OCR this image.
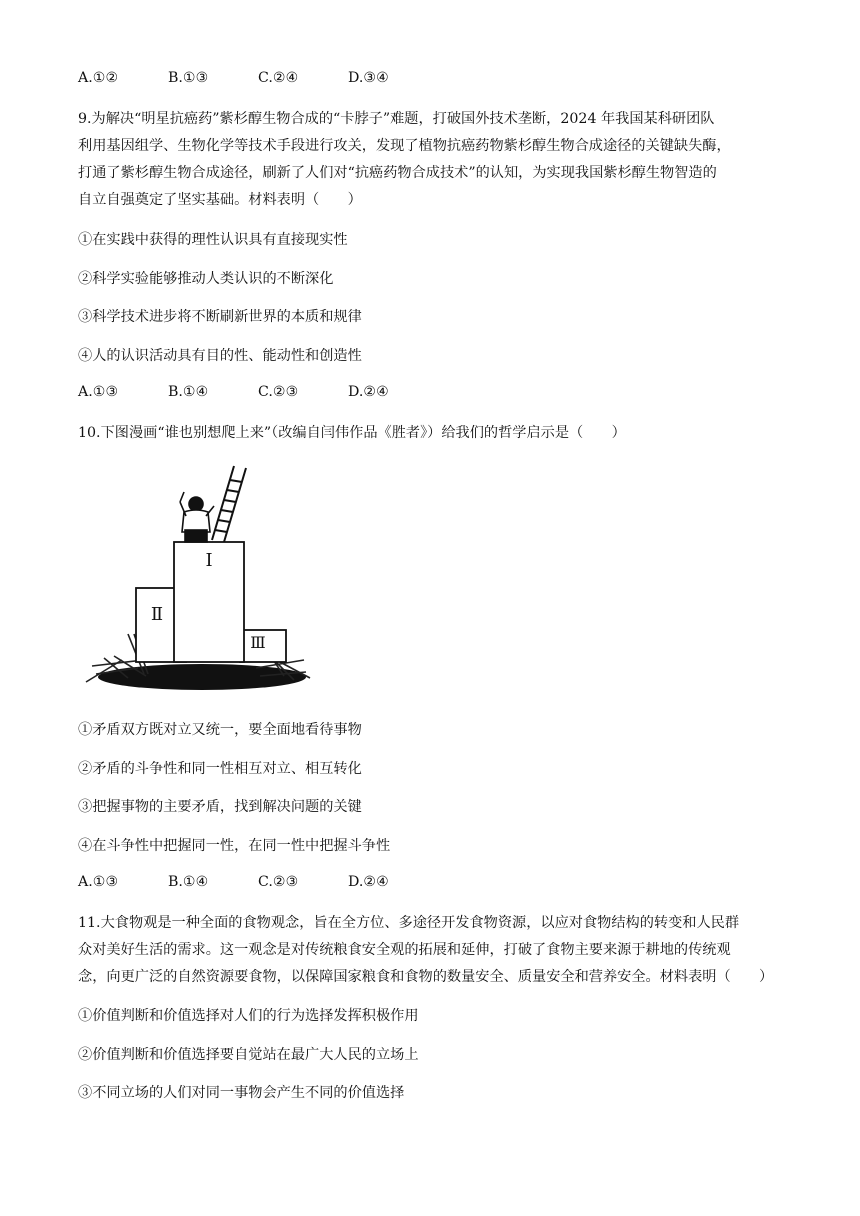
A.①②	B.①③	C.②④	D.③④
9.为解决“明星抗癌药”紫杉醇生物合成的“卡脖子”难题，打破国外技术垄断，2024 年我国某科研团队
利用基因组学、生物化学等技术手段进行攻关，发现了植物抗癌药物紫杉醇生物合成途径的关键缺失酶，
打通了紫杉醇生物合成途径，刷新了人们对“抗癌药物合成技术”的认知，为实现我国紫杉醇生物智造的
自立自强奠定了坚实基础。材料表明（　　）
①在实践中获得的理性认识具有直接现实性
②科学实验能够推动人类认识的不断深化
③科学技术进步将不断刷新世界的本质和规律
④人的认识活动具有目的性、能动性和创造性
A.①③	B.①④	C.②③	D.②④
10.下图漫画“谁也别想爬上来”（改编自闫伟作品《胜者》）给我们的哲学启示是（　　）
Ⅰ
Ⅱ
Ⅲ
①矛盾双方既对立又统一，要全面地看待事物
②矛盾的斗争性和同一性相互对立、相互转化
③把握事物的主要矛盾，找到解决问题的关键
④在斗争性中把握同一性，在同一性中把握斗争性
A.①③	B.①④	C.②③	D.②④
11.大食物观是一种全面的食物观念，旨在全方位、多途径开发食物资源，以应对食物结构的转变和人民群
众对美好生活的需求。这一观念是对传统粮食安全观的拓展和延伸，打破了食物主要来源于耕地的传统观
念，向更广泛的自然资源要食物，以保障国家粮食和食物的数量安全、质量安全和营养安全。材料表明（　　）
①价值判断和价值选择对人们的行为选择发挥积极作用
②价值判断和价值选择要自觉站在最广大人民的立场上
③不同立场的人们对同一事物会产生不同的价值选择
